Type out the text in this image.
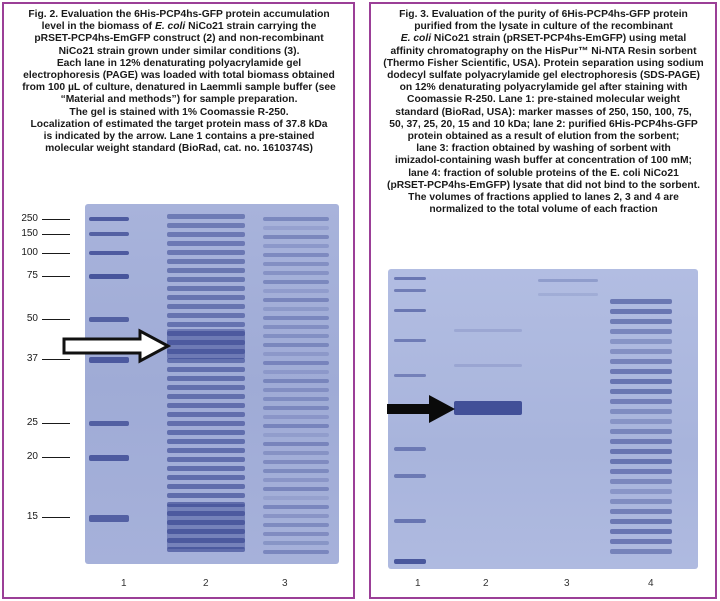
Fig. 2. Evaluation the 6His-PCP4hs-GFP protein accumulation

level in the biomass of E. coli NiCo21 strain carrying the

pRSET-PCP4hs-EmGFP construct (2) and non-recombinant

NiCo21 strain grown under similar conditions (3).

Each lane in 12% denaturating polyacrylamide gel

electrophoresis (PAGE) was loaded with total biomass obtained

from 100 µL of culture, denatured in Laemmli sample buffer (see

“Material and methods”) for sample preparation.

The gel is stained with 1% Coomassie R-250.

Localization of estimated the target protein mass of 37.8 kDa

is indicated by the arrow. Lane 1 contains a pre-stained

molecular weight standard (BioRad, cat. no. 1610374S)

250
150
100
75
50
37
25
20
15
1	2	3

Fig. 3. Evaluation of the purity of 6His-PCP4hs-GFP protein

purified from the lysate in culture of the recombinant

E. coli NiCo21 strain (pRSET-PCP4hs-EmGFP) using metal

affinity chromatography on the HisPur™ Ni-NTA Resin sorbent

(Thermo Fisher Scientific, USA). Protein separation using sodium

dodecyl sulfate polyacrylamide gel electrophoresis (SDS-PAGE)

on 12% denaturating polyacrylamide gel after staining with

Coomassie R-250. Lane 1: pre-stained molecular weight

standard (BioRad, USA): marker masses of 250, 150, 100, 75,

50, 37, 25, 20, 15 and 10 kDa; lane 2: purified 6His-PCP4hs-GFP

protein obtained as a result of elution from the sorbent;

lane 3: fraction obtained by washing of sorbent with

imizadol-containing wash buffer at concentration of 100 mM;

lane 4: fraction of soluble proteins of the E. coli NiCo21

(pRSET-PCP4hs-EmGFP) lysate that did not bind to the sorbent.

The volumes of fractions applied to lanes 2, 3 and 4 are

normalized to the total volume of each fraction

1	2	3	4
